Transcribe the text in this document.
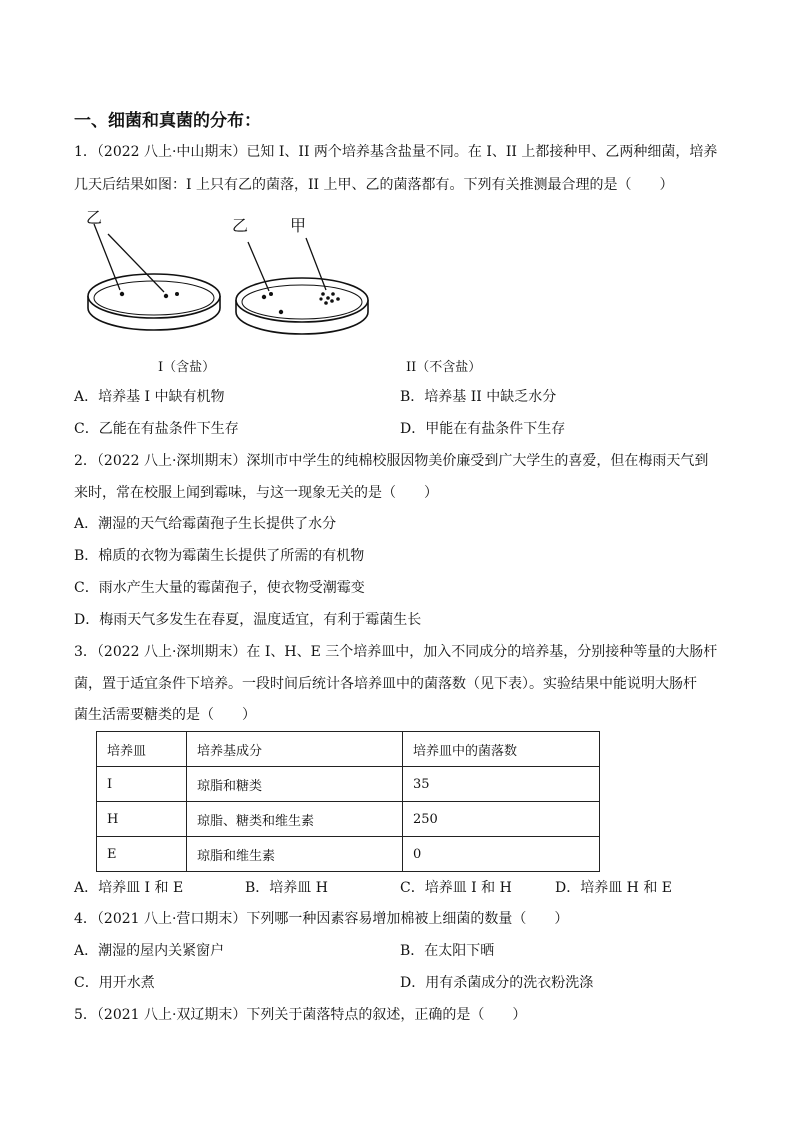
一、细菌和真菌的分布：
1．（2022 八上·中山期末）已知 I、II 两个培养基含盐量不同。在 I、II 上都接种甲、乙两种细菌，培养
几天后结果如图：I 上只有乙的菌落，II 上甲、乙的菌落都有。下列有关推测最合理的是（　　）
乙	乙	甲
I（含盐）	II（不含盐）
A．培养基 I 中缺有机物	B．培养基 II 中缺乏水分
C．乙能在有盐条件下生存	D．甲能在有盐条件下生存
2．（2022 八上·深圳期末）深圳市中学生的纯棉校服因物美价廉受到广大学生的喜爱，但在梅雨天气到
来时，常在校服上闻到霉味，与这一现象无关的是（　　）
A．潮湿的天气给霉菌孢子生长提供了水分
B．棉质的衣物为霉菌生长提供了所需的有机物
C．雨水产生大量的霉菌孢子，使衣物受潮霉变
D．梅雨天气多发生在春夏，温度适宜，有利于霉菌生长
3．（2022 八上·深圳期末）在 I、H、E 三个培养皿中，加入不同成分的培养基，分别接种等量的大肠杆
菌，置于适宜条件下培养。一段时间后统计各培养皿中的菌落数（见下表）。实验结果中能说明大肠杆
菌生活需要糖类的是（　　）
培养皿	培养基成分	培养皿中的菌落数
I	琼脂和糖类	35
H	琼脂、糖类和维生素	250
E	琼脂和维生素	0
A．培养皿 I 和 E	B．培养皿 H	C．培养皿 I 和 H	D．培养皿 H 和 E
4．（2021 八上·营口期末）下列哪一种因素容易增加棉被上细菌的数量（　　）
A．潮湿的屋内关紧窗户	B．在太阳下晒
C．用开水煮	D．用有杀菌成分的洗衣粉洗涤
5．（2021 八上·双辽期末）下列关于菌落特点的叙述，正确的是（　　）
